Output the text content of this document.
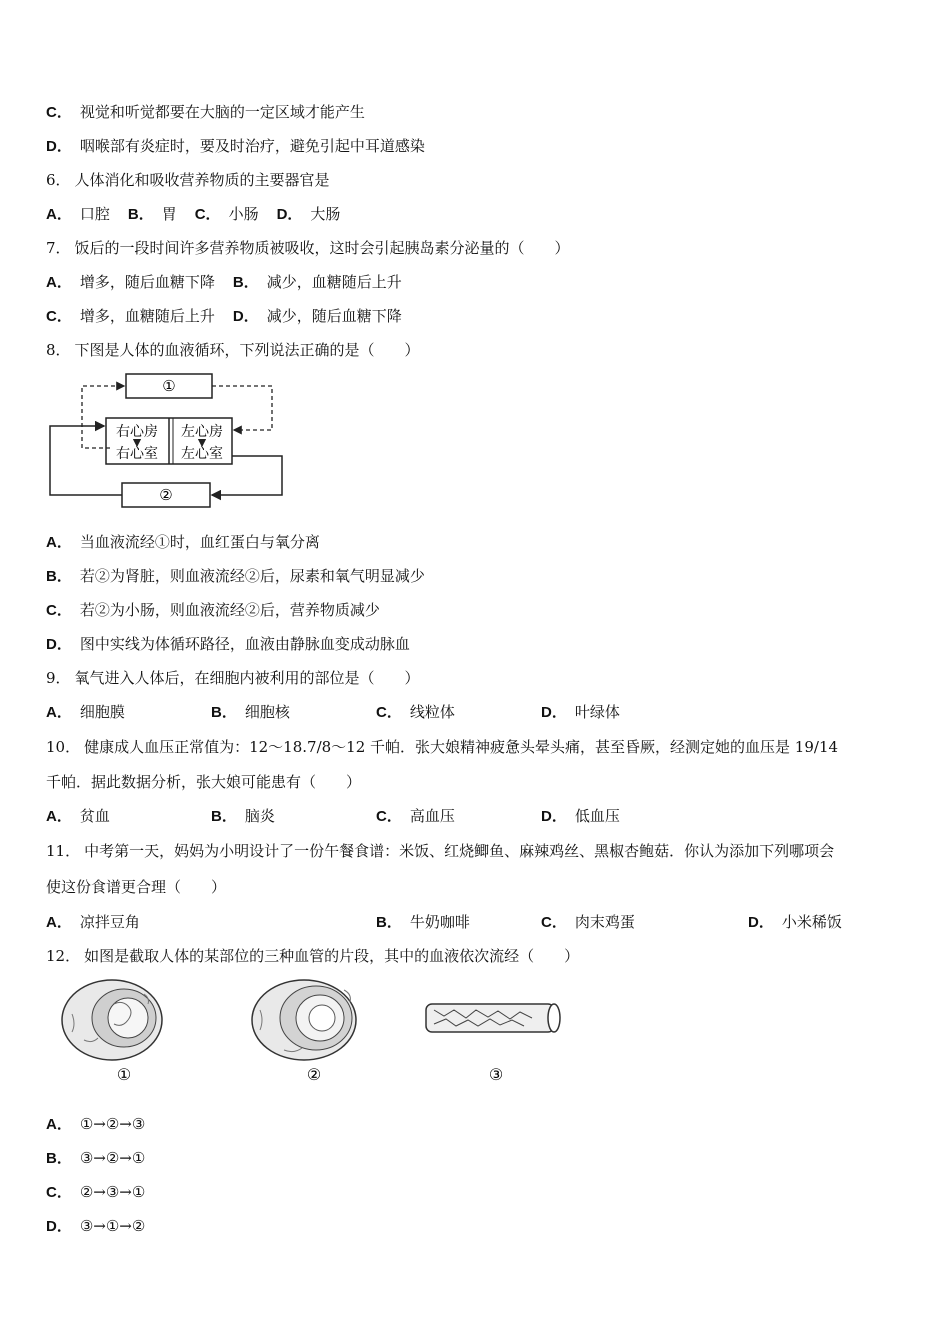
C． 视觉和听觉都要在大脑的一定区域才能产生
D． 咽喉部有炎症时，要及时治疗，避免引起中耳道感染
6． 人体消化和吸收营养物质的主要器官是
A． 口腔 B． 胃 C． 小肠 D． 大肠
7． 饭后的一段时间许多营养物质被吸收，这时会引起胰岛素分泌量的（　　）
A． 增多，随后血糖下降 B． 减少，血糖随后上升
C． 增多，血糖随后上升 D． 减少，随后血糖下降
8． 下图是人体的血液循环，下列说法正确的是（　　）
①
②
右心房
右心室
左心房
左心室
A． 当血液流经①时，血红蛋白与氧分离
B． 若②为肾脏，则血液流经②后，尿素和氧气明显减少
C． 若②为小肠，则血液流经②后，营养物质减少
D． 图中实线为体循环路径，血液由静脉血变成动脉血
9． 氧气进入人体后，在细胞内被利用的部位是（　　）
A． 细胞膜	B． 细胞核	C． 线粒体	D． 叶绿体
10． 健康成人血压正常值为：12～18.7/8～12 千帕．张大娘精神疲惫头晕头痛，甚至昏厥，经测定她的血压是 19/14
千帕．据此数据分析，张大娘可能患有（　　）
A． 贫血	B． 脑炎	C． 高血压	D． 低血压
11． 中考第一天，妈妈为小明设计了一份午餐食谱：米饭、红烧鲫鱼、麻辣鸡丝、黑椒杏鲍菇．你认为添加下列哪项会
使这份食谱更合理（　　）
A． 凉拌豆角	B． 牛奶咖啡	C． 肉末鸡蛋	D． 小米稀饭
12． 如图是截取人体的某部位的三种血管的片段，其中的血液依次流经（　　）
①	②	③
A． ①→②→③
B． ③→②→①
C． ②→③→①
D． ③→①→②
